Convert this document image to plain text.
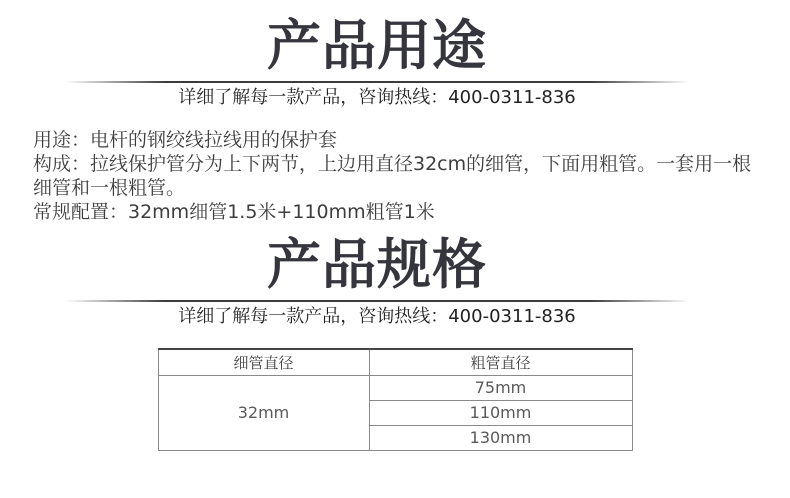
产品用途
详细了解每一款产品，咨询热线：400-0311-836

用途：电杆的钢绞线拉线用的保护套

构成：拉线保护管分为上下两节，上边用直径32cm的细管，下面用粗管。一套用一根细管和一根粗管。

常规配置：32mm细管1.5米+110mm粗管1米

产品规格
详细了解每一款产品，咨询热线：400-0311-836
细管直径	粗管直径
32mm	75mm
	110mm
	130mm
